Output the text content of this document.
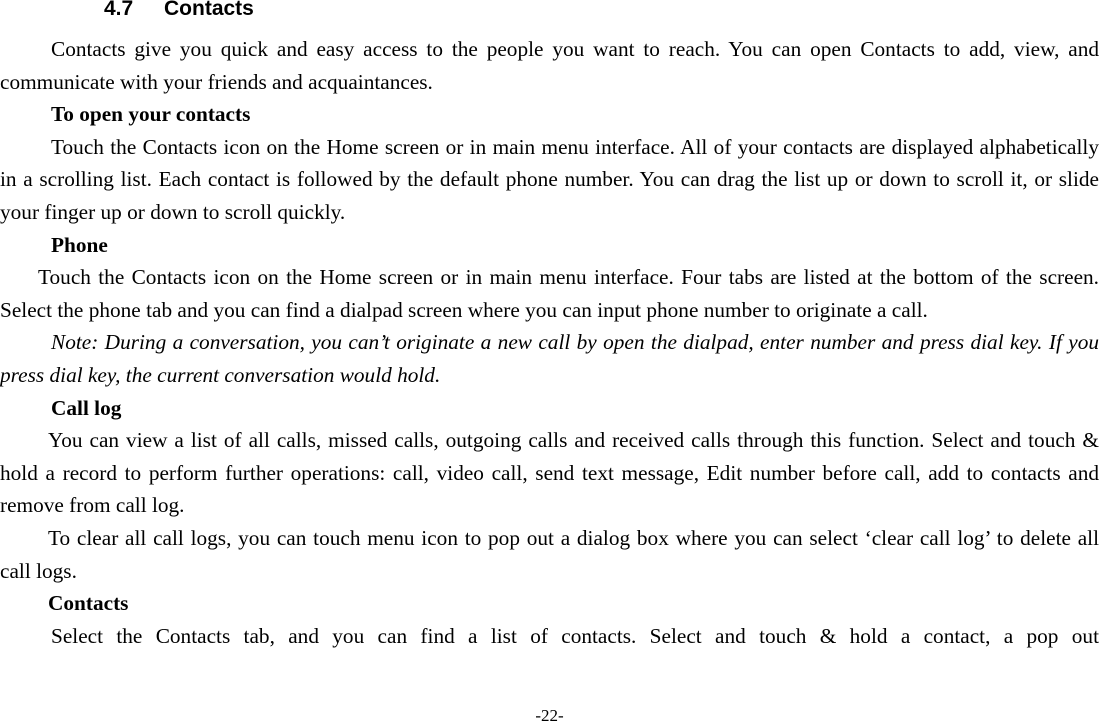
4.7 Contacts

Contacts give you quick and easy access to the people you want to reach. You can open Contacts to add, view, and communicate with your friends and acquaintances.

To open your contacts

Touch the Contacts icon on the Home screen or in main menu interface. All of your contacts are displayed alphabetically in a scrolling list. Each contact is followed by the default phone number. You can drag the list up or down to scroll it, or slide your finger up or down to scroll quickly.

Phone

Touch the Contacts icon on the Home screen or in main menu interface. Four tabs are listed at the bottom of the screen. Select the phone tab and you can find a dialpad screen where you can input phone number to originate a call.

Note: During a conversation, you can’t originate a new call by open the dialpad, enter number and press dial key. If you press dial key, the current conversation would hold.

Call log

You can view a list of all calls, missed calls, outgoing calls and received calls through this function. Select and touch & hold a record to perform further operations: call, video call, send text message, Edit number before call, add to contacts and remove from call log.

To clear all call logs, you can touch menu icon to pop out a dialog box where you can select ‘clear call log’ to delete all call logs.

Contacts

Select the Contacts tab, and you can find a list of contacts. Select and touch & hold a contact, a pop out

-22-
